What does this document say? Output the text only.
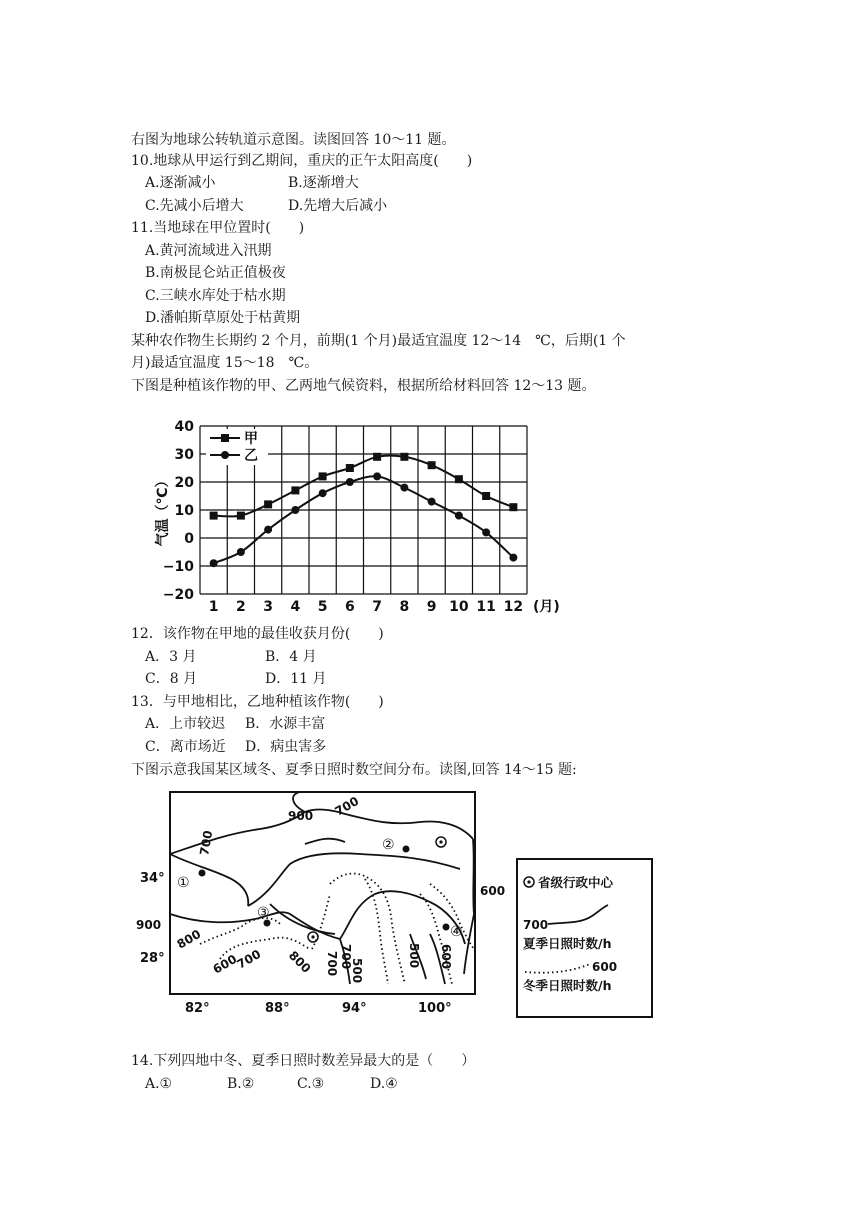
右图为地球公转轨道示意图。读图回答 10～11 题。
10.地球从甲运行到乙期间，重庆的正午太阳高度(　　)
A.逐渐减小	B.逐渐增大
C.先减小后增大	D.先增大后减小
11.当地球在甲位置时(　　)
A.黄河流域进入汛期
B.南极昆仑站正值极夜
C.三峡水库处于枯水期
D.潘帕斯草原处于枯黄期
某种农作物生长期约 2 个月，前期(1 个月)最适宜温度 12～14　℃，后期(1 个
月)最适宜温度 15～18　℃。
下图是种植该作物的甲、乙两地气候资料，根据所给材料回答 12～13 题。
40
30
20
10
0
−10
−20
1 2 3 4 5 6 7 8 9 10 11 12 (月)
气温（℃）
甲
乙
12．该作物在甲地的最佳收获月份(　　)
A．3 月	B．4 月
C．8 月	D．11 月
13．与甲地相比，乙地种植该作物(　　)
A．上市较迟 B．水源丰富
C．离市场近 D．病虫害多
下图示意我国某区域冬、夏季日照时数空间分布。读图,回答 14～15 题:
①
②
③
④
900 700
700
900
800
600
700 800 700 500
700	500 600
600
34°
28°
82°	88°	94°	100°
省级行政中心
700
夏季日照时数/h
600
冬季日照时数/h
14.下列四地中冬、夏季日照时数差异最大的是（　　）
A.①	B.②	C.③	D.④
